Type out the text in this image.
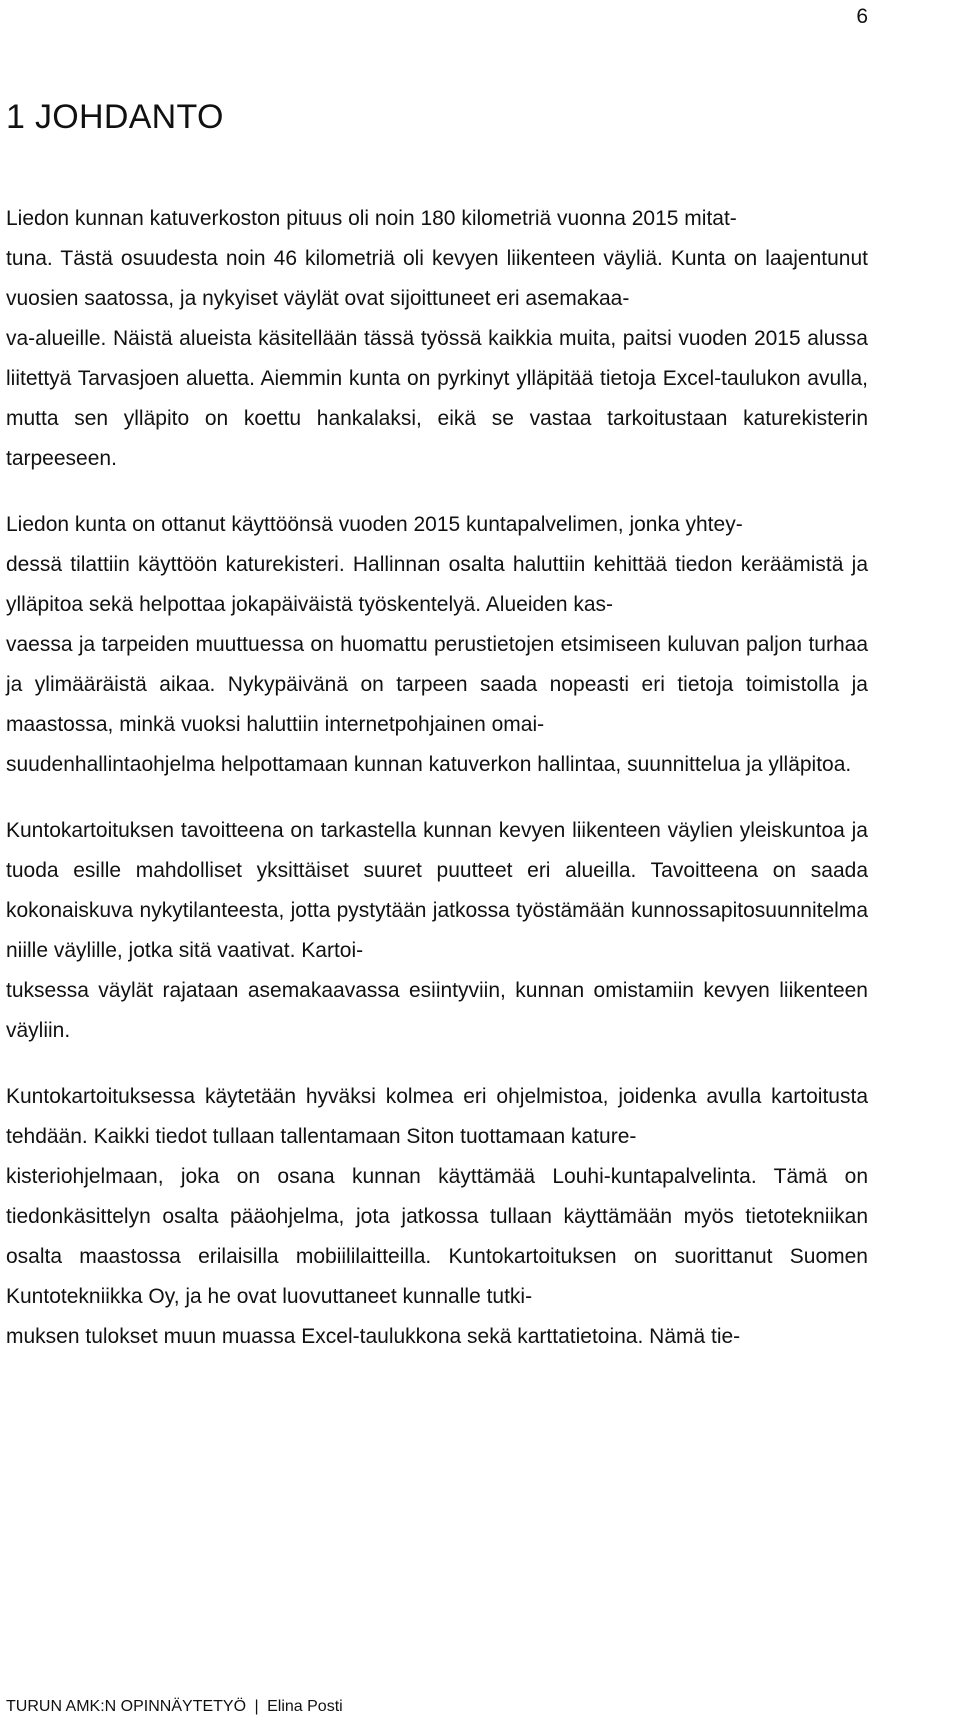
6
1 JOHDANTO

Liedon kunnan katuverkoston pituus oli noin 180 kilometriä vuonna 2015 mitat-
tuna. Tästä osuudesta noin 46 kilometriä oli kevyen liikenteen väyliä. Kunta on laajentunut vuosien saatossa, ja nykyiset väylät ovat sijoittuneet eri asemakaa-
va-alueille. Näistä alueista käsitellään tässä työssä kaikkia muita, paitsi vuoden 2015 alussa liitettyä Tarvasjoen aluetta. Aiemmin kunta on pyrkinyt ylläpitää tietoja Excel-taulukon avulla, mutta sen ylläpito on koettu hankalaksi, eikä se vastaa tarkoitustaan katurekisterin tarpeeseen.

Liedon kunta on ottanut käyttöönsä vuoden 2015 kuntapalvelimen, jonka yhtey-
dessä tilattiin käyttöön katurekisteri. Hallinnan osalta haluttiin kehittää tiedon keräämistä ja ylläpitoa sekä helpottaa jokapäiväistä työskentelyä. Alueiden kas-
vaessa ja tarpeiden muuttuessa on huomattu perustietojen etsimiseen kuluvan paljon turhaa ja ylimääräistä aikaa. Nykypäivänä on tarpeen saada nopeasti eri tietoja toimistolla ja maastossa, minkä vuoksi haluttiin internetpohjainen omai-
suudenhallintaohjelma helpottamaan kunnan katuverkon hallintaa, suunnittelua ja ylläpitoa.

Kuntokartoituksen tavoitteena on tarkastella kunnan kevyen liikenteen väylien yleiskuntoa ja tuoda esille mahdolliset yksittäiset suuret puutteet eri alueilla. Tavoitteena on saada kokonaiskuva nykytilanteesta, jotta pystytään jatkossa työstämään kunnossapitosuunnitelma niille väylille, jotka sitä vaativat. Kartoi-
tuksessa väylät rajataan asemakaavassa esiintyviin, kunnan omistamiin kevyen liikenteen väyliin.

Kuntokartoituksessa käytetään hyväksi kolmea eri ohjelmistoa, joidenka avulla kartoitusta tehdään. Kaikki tiedot tullaan tallentamaan Siton tuottamaan kature-
kisteriohjelmaan, joka on osana kunnan käyttämää Louhi-kuntapalvelinta. Tämä on tiedonkäsittelyn osalta pääohjelma, jota jatkossa tullaan käyttämään myös tietotekniikan osalta maastossa erilaisilla mobiililaitteilla. Kuntokartoituksen on suorittanut Suomen Kuntotekniikka Oy, ja he ovat luovuttaneet kunnalle tutki-
muksen tulokset muun muassa Excel-taulukkona sekä karttatietoina. Nämä tie-

TURUN AMK:N OPINNÄYTETYÖ | Elina Posti
